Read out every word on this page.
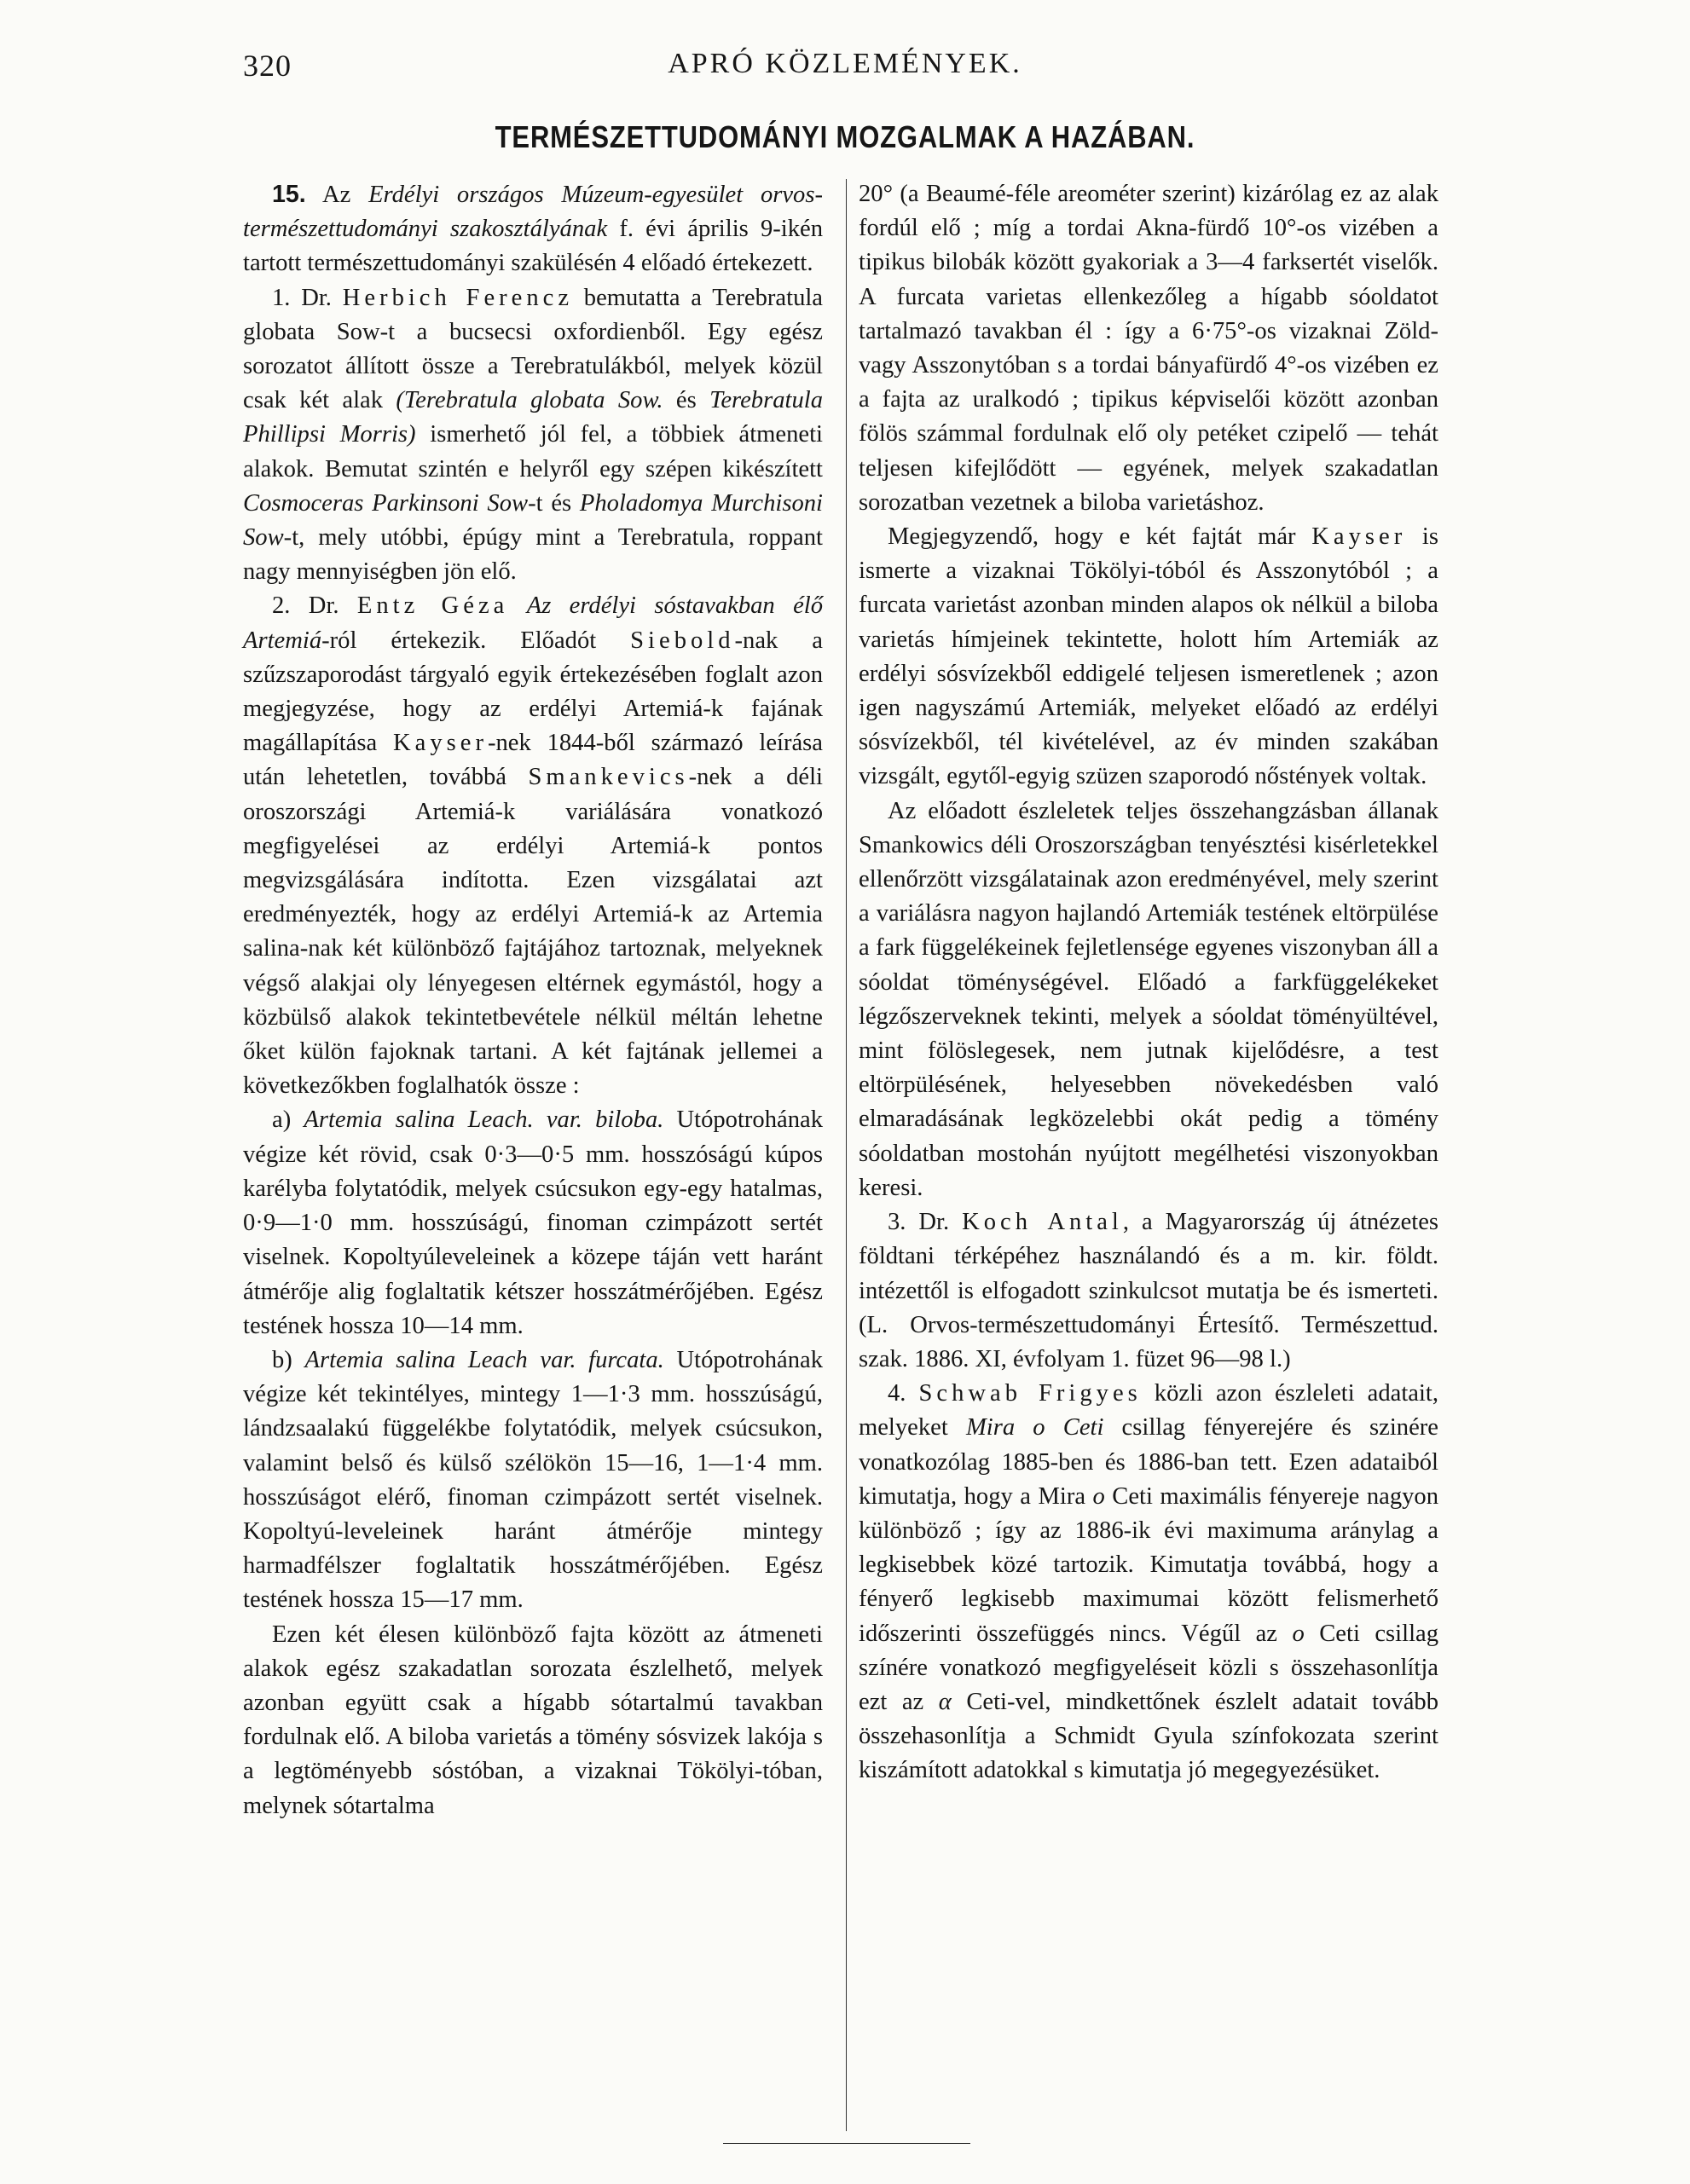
320	APRÓ KÖZLEMÉNYEK.
TERMÉSZETTUDOMÁNYI MOZGALMAK A HAZÁBAN.

15. Az Erdélyi országos Múzeum-egyesület orvos-természettudományi szakosztályának f. évi április 9-ikén tartott természettudományi szakülésén 4 előadó értekezett.

1. Dr. Herbich Ferencz bemutatta a Terebratula globata Sow-t a bucsecsi oxfordienből. Egy egész sorozatot állított össze a Terebratulákból, melyek közül csak két alak (Terebratula globata Sow. és Terebratula Phillipsi Morris) ismerhető jól fel, a többiek átmeneti alakok. Bemutat szintén e helyről egy szépen kikészített Cosmoceras Parkinsoni Sow-t és Pholadomya Murchisoni Sow-t, mely utóbbi, épúgy mint a Terebratula, roppant nagy mennyiségben jön elő.

2. Dr. Entz Géza Az erdélyi sóstavakban élő Artemiá-ról értekezik. Előadót Siebold-nak a szűzszaporodást tárgyaló egyik értekezésében foglalt azon megjegyzése, hogy az erdélyi Artemiá-k fajának magállapítása Kayser-nek 1844-ből származó leírása után lehetetlen, továbbá Smankevics-nek a déli oroszországi Artemiá-k variálására vonatkozó megfigyelései az erdélyi Artemiá-k pontos megvizsgálására indította. Ezen vizsgálatai azt eredményezték, hogy az erdélyi Artemiá-k az Artemia salina-nak két különböző fajtájához tartoznak, melyeknek végső alakjai oly lényegesen eltérnek egymástól, hogy a közbülső alakok tekintetbevétele nélkül méltán lehetne őket külön fajoknak tartani. A két fajtának jellemei a következőkben foglalhatók össze :

a) Artemia salina Leach. var. biloba. Utópotrohának végize két rövid, csak 0·3—0·5 mm. hosszóságú kúpos karélyba folytatódik, melyek csúcsukon egy-egy hatalmas, 0·9—1·0 mm. hosszúságú, finoman czimpázott sertét viselnek. Kopoltyúleveleinek a közepe táján vett haránt átmérője alig foglaltatik kétszer hosszátmérőjében. Egész testének hossza 10—14 mm.

b) Artemia salina Leach var. furcata. Utópotrohának végize két tekintélyes, mintegy 1—1·3 mm. hosszúságú, lándzsaalakú függelékbe folytatódik, melyek csúcsukon, valamint belső és külső szélökön 15—16, 1—1·4 mm. hosszúságot elérő, finoman czimpázott sertét viselnek. Kopoltyú-leveleinek haránt átmérője mintegy harmadfélszer foglaltatik hosszátmérőjében. Egész testének hossza 15—17 mm.

Ezen két élesen különböző fajta között az átmeneti alakok egész szakadatlan sorozata észlelhető, melyek azonban együtt csak a hígabb sótartalmú tavakban fordulnak elő. A biloba varietás a tömény sósvizek lakója s a legtöményebb sóstóban, a vizaknai Tökölyi-tóban, melynek sótartalma

20° (a Beaumé-féle areométer szerint) kizárólag ez az alak fordúl elő ; míg a tordai Akna-fürdő 10°-os vizében a tipikus bilobák között gyakoriak a 3—4 farksertét viselők. A furcata varietas ellenkezőleg a hígabb sóoldatot tartalmazó tavakban él : így a 6·75°-os vizaknai Zöld- vagy Asszonytóban s a tordai bányafürdő 4°-os vizében ez a fajta az uralkodó ; tipikus képviselői között azonban fölös számmal fordulnak elő oly petéket czipelő — tehát teljesen kifejlődött — egyének, melyek szakadatlan sorozatban vezetnek a biloba varietáshoz.

Megjegyzendő, hogy e két fajtát már Kayser is ismerte a vizaknai Tökölyi-tóból és Asszonytóból ; a furcata varietást azonban minden alapos ok nélkül a biloba varietás hímjeinek tekintette, holott hím Artemiák az erdélyi sósvízekből eddigelé teljesen ismeretlenek ; azon igen nagyszámú Artemiák, melyeket előadó az erdélyi sósvízekből, tél kivételével, az év minden szakában vizsgált, egytől-egyig szüzen szaporodó nőstények voltak.

Az előadott észleletek teljes összehangzásban állanak Smankowics déli Oroszországban tenyésztési kisérletekkel ellenőrzött vizsgálatainak azon eredményével, mely szerint a variálásra nagyon hajlandó Artemiák testének eltörpülése a fark függelékeinek fejletlensége egyenes viszonyban áll a sóoldat töménységével. Előadó a farkfüggelékeket légzőszerveknek tekinti, melyek a sóoldat töményültével, mint fölöslegesek, nem jutnak kijelődésre, a test eltörpülésének, helyesebben növekedésben való elmaradásának legközelebbi okát pedig a tömény sóoldatban mostohán nyújtott megélhetési viszonyokban keresi.

3. Dr. Koch Antal, a Magyarország új átnézetes földtani térképéhez használandó és a m. kir. földt. intézettől is elfogadott szinkulcsot mutatja be és ismerteti. (L. Orvos-természettudományi Értesítő. Természettud. szak. 1886. XI, évfolyam 1. füzet 96—98 l.)

4. Schwab Frigyes közli azon észleleti adatait, melyeket Mira o Ceti csillag fényerejére és szinére vonatkozólag 1885-ben és 1886-ban tett. Ezen adataiból kimutatja, hogy a Mira o Ceti maximális fényereje nagyon különböző ; így az 1886-ik évi maximuma aránylag a legkisebbek közé tartozik. Kimutatja továbbá, hogy a fényerő legkisebb maximumai között felismerhető időszerinti összefüggés nincs. Végűl az o Ceti csillag színére vonatkozó megfigyeléseit közli s összehasonlítja ezt az α Ceti-vel, mindkettőnek észlelt adatait tovább összehasonlítja a Schmidt Gyula színfokozata szerint kiszámított adatokkal s kimutatja jó megegyezésüket.
